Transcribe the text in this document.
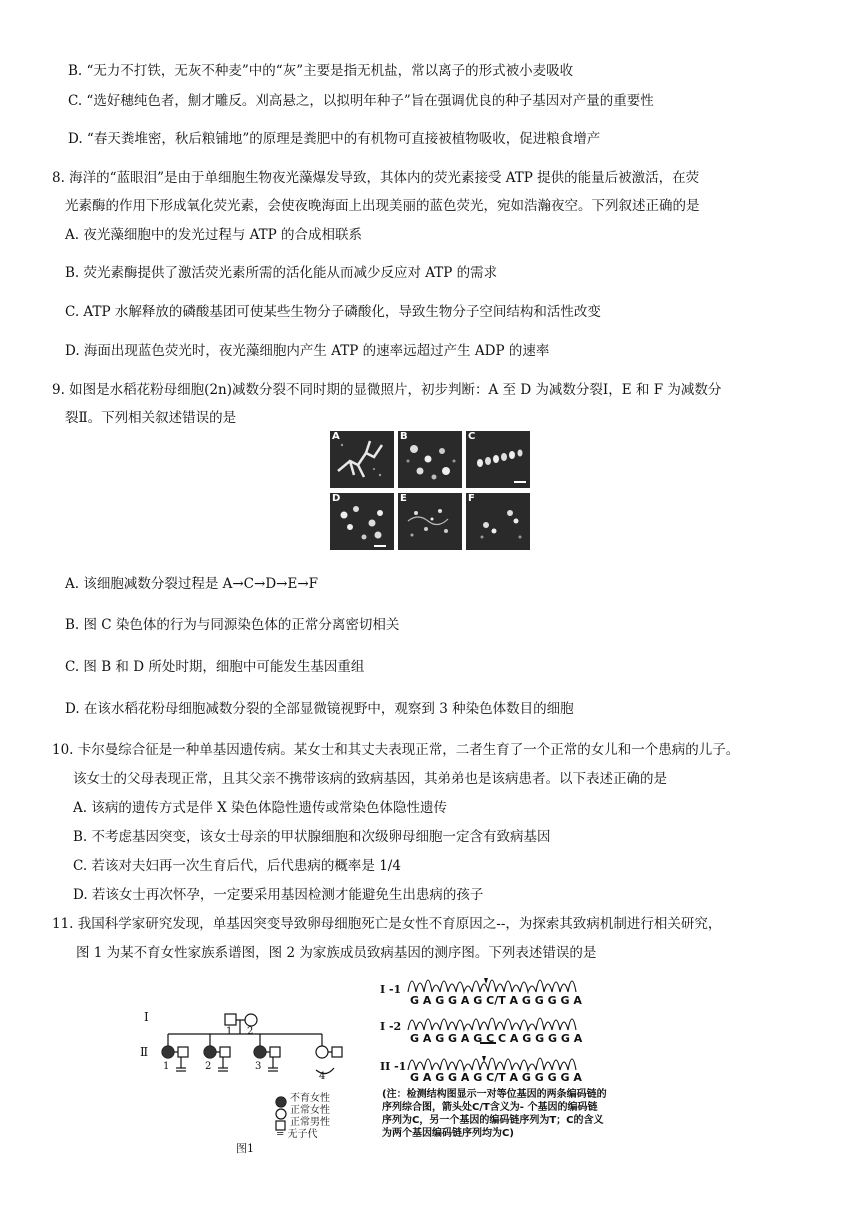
B. “无力不打铁，无灰不种麦”中的“灰”主要是指无机盐，常以离子的形式被小麦吸收
C. “选好穗纯色者，劁才雕反。刈高悬之，以拟明年种子”旨在强调优良的种子基因对产量的重要性
D. “春天粪堆密，秋后粮铺地”的原理是粪肥中的有机物可直接被植物吸收，促进粮食增产
8. 海洋的“蓝眼泪”是由于单细胞生物夜光藻爆发导致，其体内的荧光素接受 ATP 提供的能量后被激活，在荧
光素酶的作用下形成氧化荧光素，会使夜晚海面上出现美丽的蓝色荧光，宛如浩瀚夜空。下列叙述正确的是
A. 夜光藻细胞中的发光过程与 ATP 的合成相联系
B. 荧光素酶提供了激活荧光素所需的活化能从而减少反应对 ATP 的需求
C. ATP 水解释放的磷酸基团可使某些生物分子磷酸化，导致生物分子空间结构和活性改变
D. 海面出现蓝色荧光时，夜光藻细胞内产生 ATP 的速率远超过产生 ADP 的速率
9. 如图是水稻花粉母细胞(2n)减数分裂不同时期的显微照片，初步判断：A 至 D 为减数分裂Ⅰ，E 和 F 为减数分
裂Ⅱ。下列相关叙述错误的是
A	B	C
D	E	F
A. 该细胞减数分裂过程是 A→C→D→E→F
B. 图 C 染色体的行为与同源染色体的正常分离密切相关
C. 图 B 和 D 所处时期，细胞中可能发生基因重组
D. 在该水稻花粉母细胞减数分裂的全部显微镜视野中，观察到 3 种染色体数目的细胞
10. 卡尔曼综合征是一种单基因遗传病。某女士和其丈夫表现正常，二者生育了一个正常的女儿和一个患病的儿子。
该女士的父母表现正常，且其父亲不携带该病的致病基因，其弟弟也是该病患者。以下表述正确的是
A. 该病的遗传方式是伴 X 染色体隐性遗传或常染色体隐性遗传
B. 不考虑基因突变，该女士母亲的甲状腺细胞和次级卵母细胞一定含有致病基因
C. 若该对夫妇再一次生育后代，后代患病的概率是 1/4
D. 若该女士再次怀孕，一定要采用基因检测才能避免生出患病的孩子
11. 我国科学家研究发现，单基因突变导致卵母细胞死亡是女性不育原因之--，为探索其致病机制进行相关研究，
图 1 为某不育女性家族系谱图，图 2 为家族成员致病基因的测序图。下列表述错误的是
I
Ⅱ
1 2
1	2	3
4
不育女性
正常女性
正常男性
= 无子代
图1
I -1
G A G G A G C/T A G G G G A
I -2
G A G G A G C C A G G G G A
II -1
G A G G A G C/T A G G G G A
(注：检测结构图显示一对等位基因的两条编码链的
序列综合图，箭头处C/T含义为- 个基因的编码链
序列为C，另一个基因的编码链序列为T；C的含义
为两个基因编码链序列均为C)
